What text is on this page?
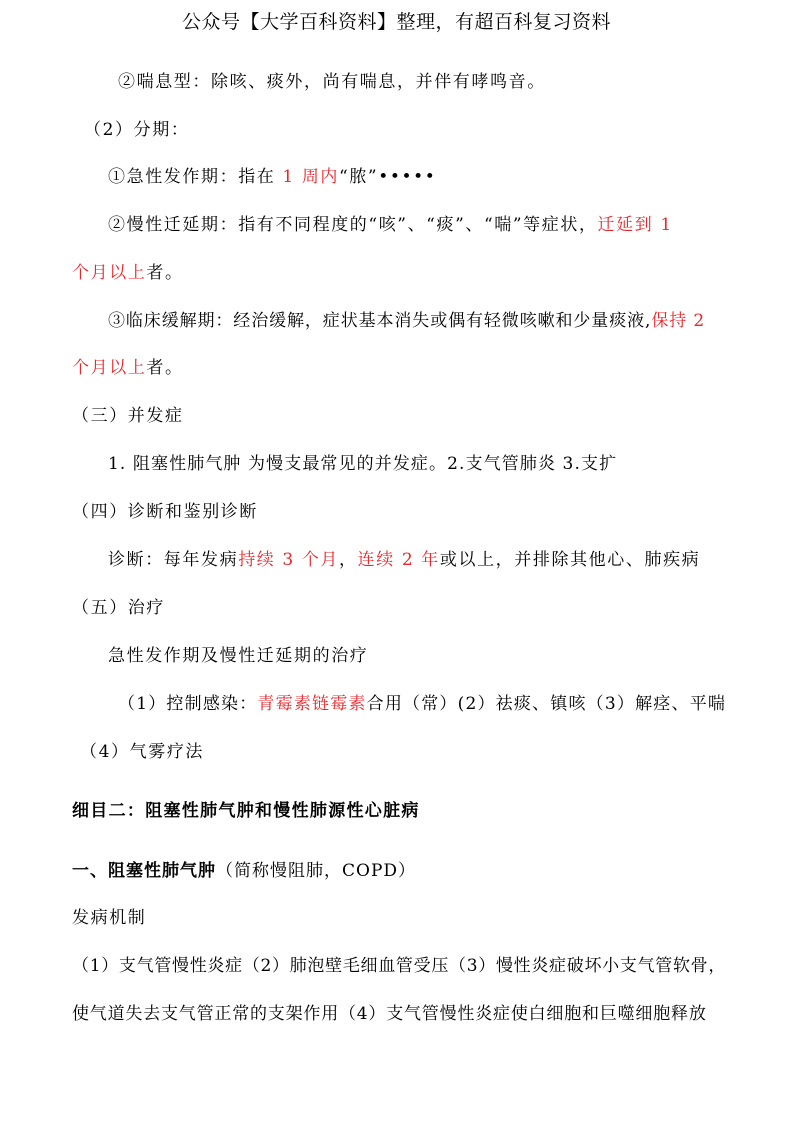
公众号【大学百科资料】整理，有超百科复习资料
②喘息型：除咳、痰外，尚有喘息，并伴有哮鸣音。
（2）分期：
①急性发作期：指在 1 周内“脓”•••••
②慢性迁延期：指有不同程度的“咳”、“痰”、“喘”等症状，迁延到 1
个月以上者。
③临床缓解期：经治缓解，症状基本消失或偶有轻微咳嗽和少量痰液,保持 2
个月以上者。
（三）并发症
1. 阻塞性肺气肿 为慢支最常见的并发症。2.支气管肺炎 3.支扩
（四）诊断和鉴别诊断
诊断：每年发病持续 3 个月，连续 2 年或以上，并排除其他心、肺疾病
（五）治疗
急性发作期及慢性迁延期的治疗
（1）控制感染：青霉素链霉素合用（常）(2）祛痰、镇咳（3）解痉、平喘
（4）气雾疗法
细目二：阻塞性肺气肿和慢性肺源性心脏病
一、阻塞性肺气肿（简称慢阻肺，COPD）
发病机制
（1）支气管慢性炎症（2）肺泡壁毛细血管受压（3）慢性炎症破坏小支气管软骨，
使气道失去支气管正常的支架作用（4）支气管慢性炎症使白细胞和巨噬细胞释放
